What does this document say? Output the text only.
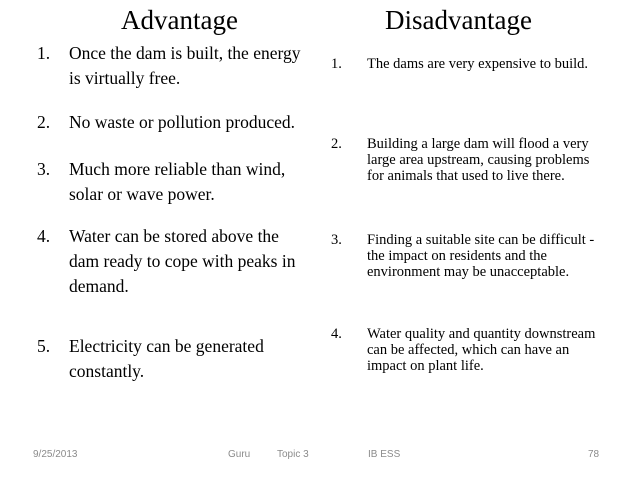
Advantage	Disadvantage
1. Once the dam is built, the energy is virtually free.
2. No waste or pollution produced.
3. Much more reliable than wind, solar or wave power.
4. Water can be stored above the dam ready to cope with peaks in demand.
5. Electricity can be generated constantly.
1. The dams are very expensive to build.
2. Building a large dam will flood a very large area upstream, causing problems for animals that used to live there.
3. Finding a suitable site can be difficult - the impact on residents and the environment may be unacceptable.
4. Water quality and quantity downstream can be affected, which can have an impact on plant life.
9/25/2013	Guru	Topic 3	IB ESS	78
